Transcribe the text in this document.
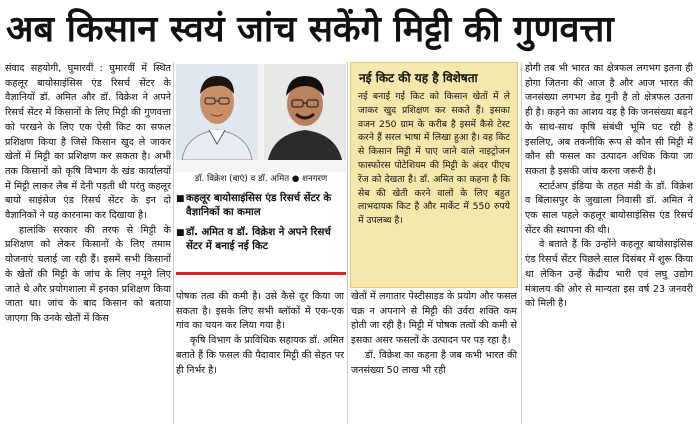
अब किसान स्वयं जांच सकेंगे मिट्टी की गुणवत्ता

संवाद सहयोगी, घुमारवीं : घुमारवीं में स्थित कहलूर बायोसाइंसिस एंड रिसर्च सेंटर के वैज्ञानियों डॉ. अमित और डॉ. विक्रेश ने अपने रिसर्च सेंटर में किसानों के लिए मिट्टी की गुणवत्ता को परखने के लिए एक ऐसी किट का सफल प्रशिक्षण किया है जिसे किसान खुद ले जाकर खेतों में मिट्टी का प्रशिक्षण कर सकता है। अभी तक किसानों को कृषि विभाग के खंड कार्यालयों में मिट्टी लाकर लैब में देनी पड़ती थी परंतु कहलूर बायो साइंसेज एंड रिसर्च सेंटर के इन दो वैज्ञानिकों ने यह कारनामा कर दिखाया है।

हालांकि सरकार की तरफ से मिट्टी के प्रशिक्षण को लेकर किसानों के लिए तमाम योजनाएं चलाई जा रही हैं। इसमें सभी किसानों के खेतों की मिट्टी के जांच के लिए नमूने लिए जाते थे और प्रयोगशाला में इनका प्रशिक्षण किया जाता था। जांच के बाद किसान को बताया जाएगा कि उनके खेतों में किस

डॉ. विक्रेश (बाएं) व डॉ. अमित ● शनगरण
■ कहलूर बायोसाइंसिस एंड रिसर्च सेंटर के वैज्ञानिकों का कमाल
■ डॉ. अमित व डॉ. विक्रेश ने अपने रिसर्च सेंटर में बनाई नई किट

पोषक तत्व की कमी है। उसे कैसे दूर किया जा सकता है। इसके लिए सभी ब्लॉकों में एक-एक गांव का चयन कर लिया गया है।

कृषि विभाग के प्राविधिक सहायक डॉ. अमित बताते हैं कि फसल की पैदावार मिट्टी की सेहत पर ही निर्भर है।

नई किट की यह है विशेषता
नई बनाई गई किट को किसान खेतों में ले जाकर खुद प्रशिक्षण कर सकते हैं। इसका वजन 250 ग्राम के करीब है इसमें कैसे टेस्ट करने हैं सरल भाषा में लिखा हुआ है। वह किट से किसान मिट्टी में पाए जाने वाले नाइट्रोजन फास्फोरस पोटेशियम की मिट्टी के अंदर पीएच रेंज को देखता है। डॉ. अमित का कहना है कि सेब की खेती करने वालों के लिए बहुत लाभदायक किट है और मार्केट में 550 रुपये में उपलब्ध है।

खेतों में लगातार पेस्टीसाइड के प्रयोग और फसल चक्र न अपनाने से मिट्टी की उर्वरा शक्ति कम होती जा रही है। मिट्टी में पोषक तत्वों की कमी से इसका असर फसलों के उत्पादन पर पड़ रहा है।

डॉ. विक्रेश का कहना है जब कभी भारत की जनसंख्या 50 लाख भी रही

होगी तब भी भारत का क्षेत्रफल लगभग इतना ही होगा जितना की आज है और आज भारत की जनसंख्या लगभग डेढ़ गुनी है तो क्षेत्रफल उतना ही है। कहने का आशय यह है कि जनसंख्या बढ़ने के साथ-साथ कृषि संबंधी भूमि घट रही है इसलिए, अब तकनीकि रूप से कौन सी मिट्टी में कौन सी फसल का उत्पादन अधिक किया जा सकता है इसकी जांच करना जरूरी है।

स्टार्टअप इंडिया के तहत मंडी के डॉ. विक्रेश व बिलासपुर के जुखाला निवासी डॉ. अमित ने एक साल पहले कहलूर बायोसाइंसिस एंड रिसर्च सेंटर की स्थापना की थी।

वे बताते हैं कि उन्होंने कहलूर बायोसाइंसिस एंड रिसर्च सेंटर पिछले साल दिसंबर में शुरू किया था लेकिन उन्हें केंद्रीय भारी एवं लघु उद्योग मंत्रालय की ओर से मान्यता इस वर्ष 23 जनवरी को मिली है।
